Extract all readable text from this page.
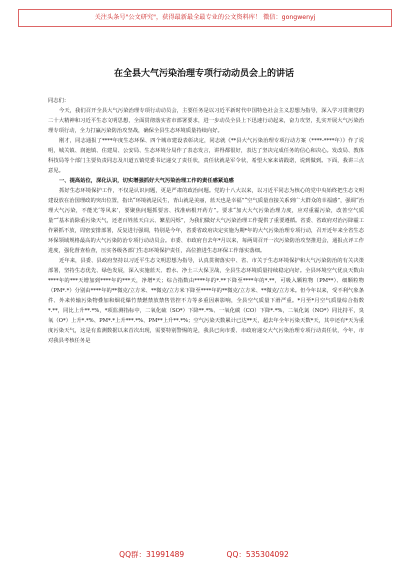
关注头条号"公文研究"，获得最新最全最专业的公文资料库！ 微信：gongwenyj
在全县大气污染治理专项行动动员会上的讲话

同志们：

今天，我们召开全县大气污染治理专项行动动员会，主要任务是以习近平新时代中国特色社会主义思想为指导，深入学习贯彻党的二十大精神和习近平生态文明思想，全面贯彻落实省市部署要求，进一步动员全县上下迅速行动起来，奋力攻坚，扎实开展大气污染治理专项行动，全力打赢污染防治攻坚战，确保全县生态环境质量持续向好。

刚才，同志通报了****年度生态环保、四个城市建设表彰决定，同志就《**县大气污染治理专项行动方案（****-****年）》作了说明，城关镇、润池镇、住建局、公安局、生态环境分局作了表态发言，讲得都很好，表达了坚决完成任务的信心和决心。发改局、教体科技局等个部门主要负责同志及川道五镇党委书记递交了责任状，责任状就是军令状，希望大家来请践诺，说到做到。下面，我讲三点意见。

一、提高站位，深化认识，切实增强抓好大气污染治理工作的责任感紧迫感

抓好生态环境保护工作，不仅是认识问题，更是严肃的政治问题。党的十八大以来，以习近平同志为核心的党中央始终把生态文明建设放在治国理政的突出位置，指出“环境就是民生，青山就是美丽，蓝天也是幸福”“空气质量直接关系到广大群众的幸福感”，强调“治理大气污染，不能光‘等风来’，要聚焦问题抓要害、找准病根开药方”。要求“加大大气污染治理力度，应对重霾污染，改善空气质量”“基本消除重污染天气，还老百姓蓝天白云、繁星闪烁”，为我们做好大气污染治理工作提供了重要遵循。省委、省政府对治污降霾工作紧抓不放，周密安排部署，反复进行强调，特别是今年，省委省政府决定实施为期*年的大气污染治理专项行动，召开近年来全省生态环保领域规格最高的大气污染防治专项行动动员会。市委、市政府自去年*月以来，每两周召开一次污染防治攻坚推进会，通报点评工作进度，强化督查检查，压实各级各部门生态环境保护责任，高位推进生态环保工作落实落细。

近年来，县委、县政府坚持以习近平生态文明思想为指导，认真贯彻落实中、省、市关于生态环境保护和大气污染防治的有关决策部署，坚持生态优先、绿色发展，深入实施蓝天、碧水、净土三大保卫战，全县生态环境质量持续稳定向好。全县环境空气优良天数由****年的***天增加到****年的***天，净增*天；综合指数由****年的*.**下降至****年的*.**，可吸入颗粒物（PM**）、细颗粒物（PM*.*）分别由****年的**微克/立方米、**微克/立方米下降至****年的**微克/立方米、**微克/立方米。但今年以来，受不利气象条件、外来传输污染物叠加和烟花爆竹禁燃禁放禁售管控不力等多重因素影响，全县空气质量下滑严重。*月至*月空气质量综合指数*.**，同比上升**.*%，*项监测指标中，二氧化硫（SO*）下降**.*%、一氧化碳（CO）下降*.*%，二氧化氮（NO*）同比持平，臭氧（O*）上升*.*%、PM*.*上升***.*%、PM**上升**.*%；空气污染天数累计已达**天，超去年全年污染天数*天，其中还有*天为重度污染天气，这是有监测数据以来首次出现，需要特别警惕的是，我县已向市委、市政府递交大气污染治理专项行动责任状，今年，市对我县考核任务是

QQ群：31991489	QQ：535304092
